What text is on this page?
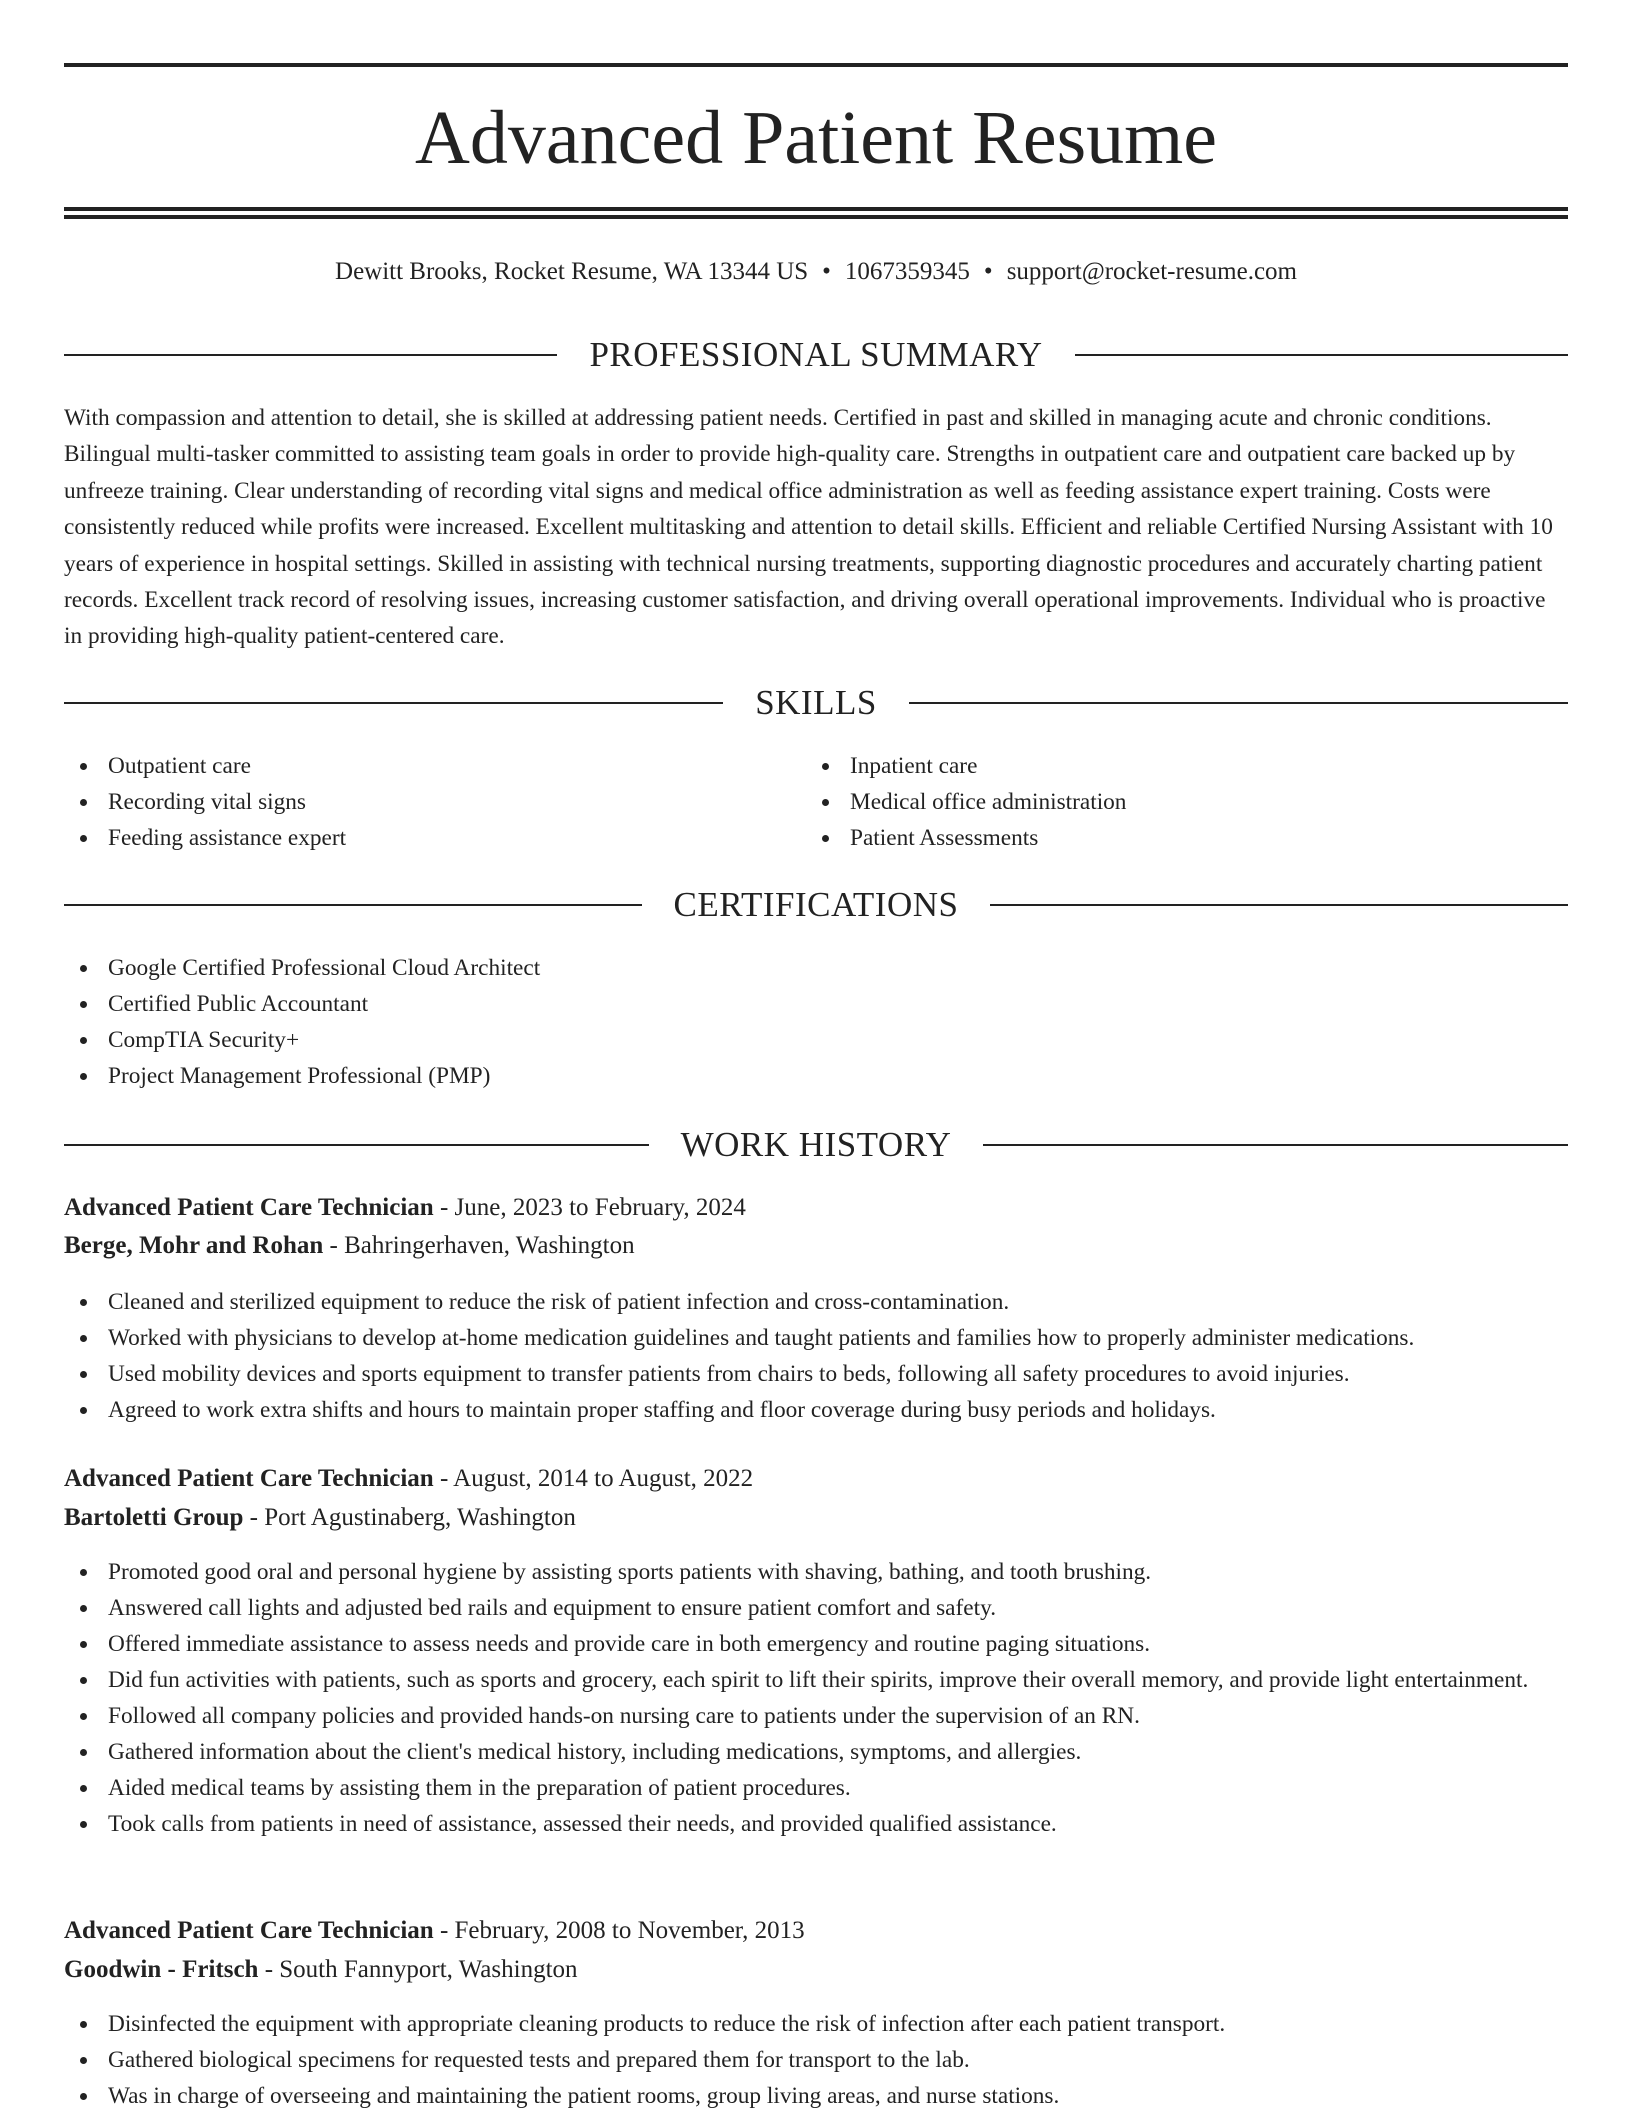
Advanced Patient Resume
Dewitt Brooks, Rocket Resume, WA 13344 US • 1067359345 • support@rocket-resume.com
PROFESSIONAL SUMMARY

With compassion and attention to detail, she is skilled at addressing patient needs. Certified in past and skilled in managing acute and chronic conditions. Bilingual multi-tasker committed to assisting team goals in order to provide high-quality care. Strengths in outpatient care and outpatient care backed up by unfreeze training. Clear understanding of recording vital signs and medical office administration as well as feeding assistance expert training. Costs were consistently reduced while profits were increased. Excellent multitasking and attention to detail skills. Efficient and reliable Certified Nursing Assistant with 10 years of experience in hospital settings. Skilled in assisting with technical nursing treatments, supporting diagnostic procedures and accurately charting patient records. Excellent track record of resolving issues, increasing customer satisfaction, and driving overall operational improvements. Individual who is proactive in providing high-quality patient-centered care.

SKILLS
Outpatient care
Recording vital signs
Feeding assistance expert
Inpatient care
Medical office administration
Patient Assessments
CERTIFICATIONS
Google Certified Professional Cloud Architect
Certified Public Accountant
CompTIA Security+
Project Management Professional (PMP)
WORK HISTORY
Advanced Patient Care Technician - June, 2023 to February, 2024
Berge, Mohr and Rohan - Bahringerhaven, Washington
Cleaned and sterilized equipment to reduce the risk of patient infection and cross-contamination.
Worked with physicians to develop at-home medication guidelines and taught patients and families how to properly administer medications.
Used mobility devices and sports equipment to transfer patients from chairs to beds, following all safety procedures to avoid injuries.
Agreed to work extra shifts and hours to maintain proper staffing and floor coverage during busy periods and holidays.
Advanced Patient Care Technician - August, 2014 to August, 2022
Bartoletti Group - Port Agustinaberg, Washington
Promoted good oral and personal hygiene by assisting sports patients with shaving, bathing, and tooth brushing.
Answered call lights and adjusted bed rails and equipment to ensure patient comfort and safety.
Offered immediate assistance to assess needs and provide care in both emergency and routine paging situations.
Did fun activities with patients, such as sports and grocery, each spirit to lift their spirits, improve their overall memory, and provide light entertainment.
Followed all company policies and provided hands-on nursing care to patients under the supervision of an RN.
Gathered information about the client's medical history, including medications, symptoms, and allergies.
Aided medical teams by assisting them in the preparation of patient procedures.
Took calls from patients in need of assistance, assessed their needs, and provided qualified assistance.
Advanced Patient Care Technician - February, 2008 to November, 2013
Goodwin - Fritsch - South Fannyport, Washington
Disinfected the equipment with appropriate cleaning products to reduce the risk of infection after each patient transport.
Gathered biological specimens for requested tests and prepared them for transport to the lab.
Was in charge of overseeing and maintaining the patient rooms, group living areas, and nurse stations.
